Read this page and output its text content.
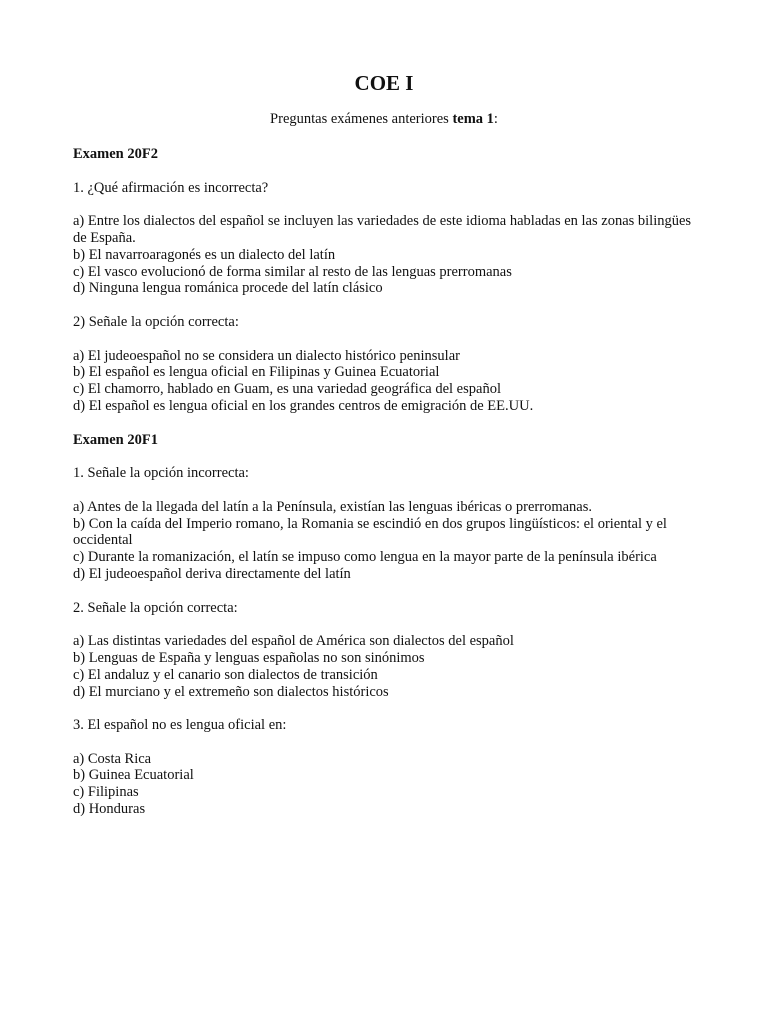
COE I
Preguntas exámenes anteriores tema 1:

Examen 20F2

1. ¿Qué afirmación es incorrecta?

a) Entre los dialectos del español se incluyen las variedades de este idioma habladas en las zonas bilingües de España.

b) El navarroaragonés es un dialecto del latín

c) El vasco evolucionó de forma similar al resto de las lenguas prerromanas

d) Ninguna lengua románica procede del latín clásico

2) Señale la opción correcta:

a) El judeoespañol no se considera un dialecto histórico peninsular

b) El español es lengua oficial en Filipinas y Guinea Ecuatorial

c) El chamorro, hablado en Guam, es una variedad geográfica del español

d) El español es lengua oficial en los grandes centros de emigración de EE.UU.

Examen 20F1

1. Señale la opción incorrecta:

a) Antes de la llegada del latín a la Península, existían las lenguas ibéricas o prerromanas.

b) Con la caída del Imperio romano, la Romania se escindió en dos grupos lingüísticos: el oriental y el occidental

c) Durante la romanización, el latín se impuso como lengua en la mayor parte de la península ibérica

d) El judeoespañol deriva directamente del latín

2. Señale la opción correcta:

a) Las distintas variedades del español de América son dialectos del español

b) Lenguas de España y lenguas españolas no son sinónimos

c) El andaluz y el canario son dialectos de transición

d) El murciano y el extremeño son dialectos históricos

3. El español no es lengua oficial en:

a) Costa Rica

b) Guinea Ecuatorial

c) Filipinas

d) Honduras
